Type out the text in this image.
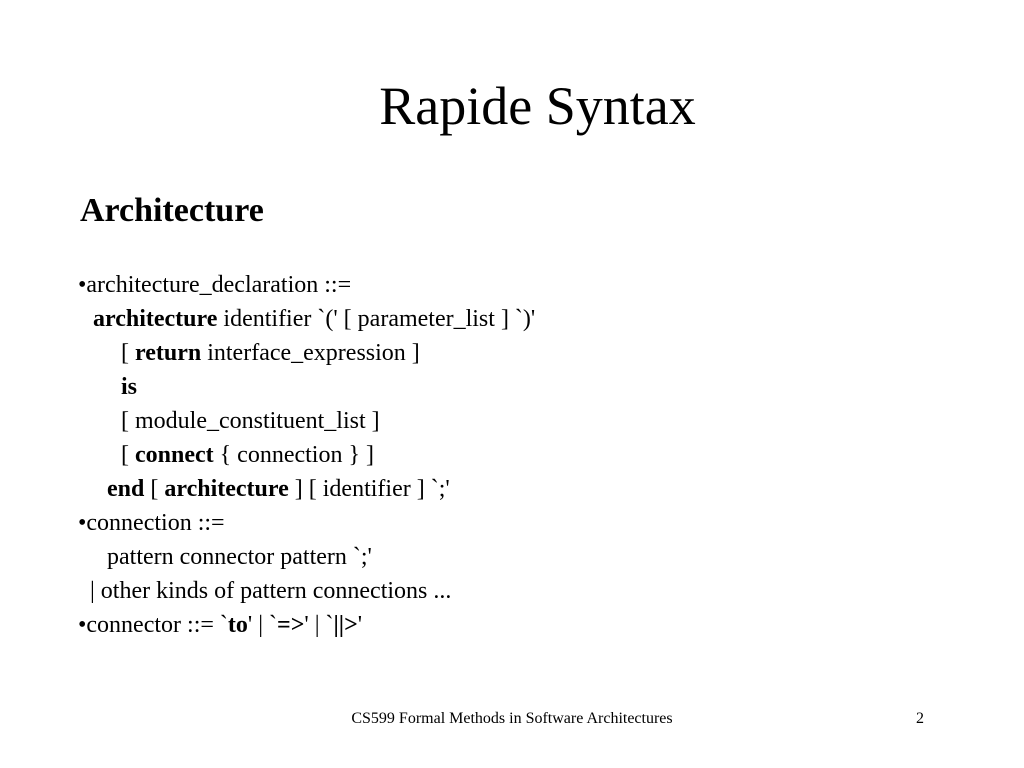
Rapide Syntax
Architecture
•architecture_declaration ::=
architecture identifier `(' [ parameter_list ] `)'
[ return interface_expression ]
is
[ module_constituent_list ]
[ connect { connection } ]
end [ architecture ] [ identifier ] `;'
•connection ::=
pattern connector pattern `;'
| other kinds of pattern connections ...
•connector ::= `to' | `=>' | `||>'
CS599 Formal Methods in Software Architectures	2
